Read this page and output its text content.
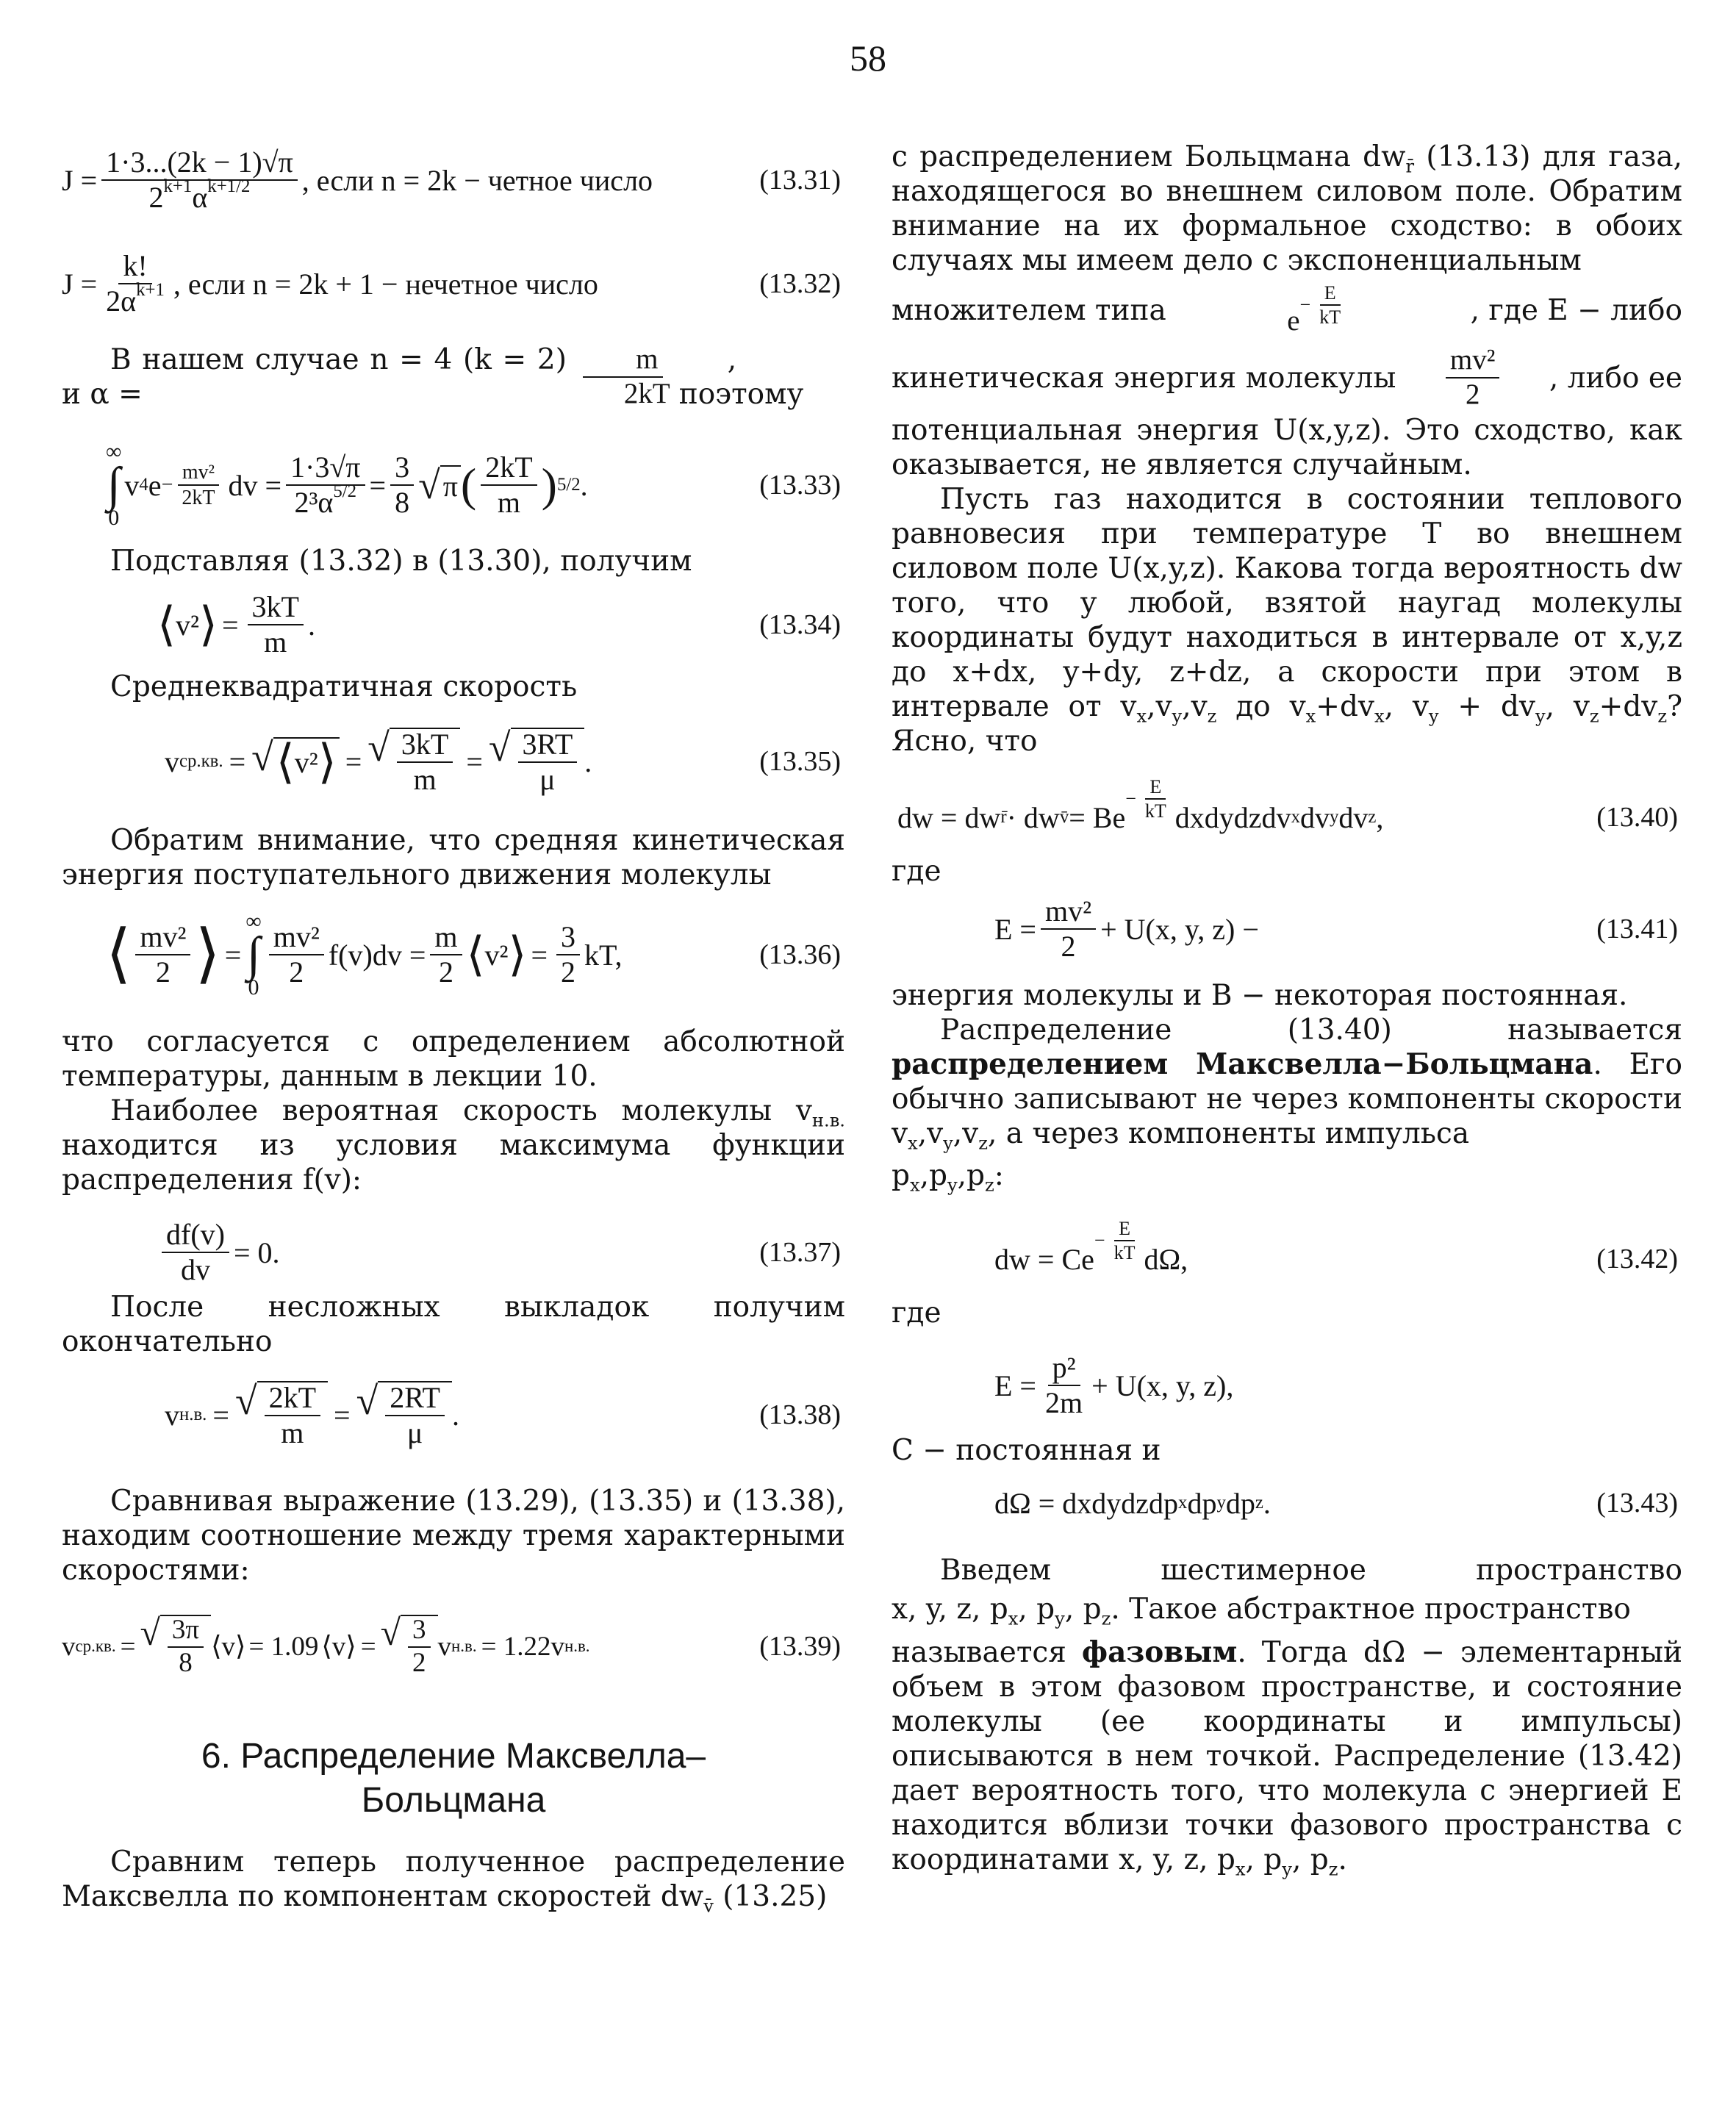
58
$J = \frac{1\cdot 3...(2k - 1)√\pi}{2^{k+1}\alpha^{k+1/2}}$ , если n = 2k − четное число	(13.31)
$J = \frac{k!}{2\alpha^{k+1}}$ , если n = 2k + 1 − нечетное число	(13.32)

В нашем случае n = 4 (k = 2) и α =	$\frac{m}{2kT}$	, поэтому

∞
∫
0
v 4 $e - \frac{\text{mv²}}{2kT}$ dv = $\frac{1\cdot 3√\pi}{2^3\alpha^{5/2}} = \frac{3}{8}$ √ π ( $\frac{2kT}{m}$ ) 5/2 .	(13.33)

Подставляя (13.32) в (13.30), получим

⟨ v² ⟩ = $\frac{3kT}{m}$ .	(13.34)

Среднеквадратичная скорость

v ср.кв. = √ ⟨ v² ⟩ = √ $\frac{3kT}{m}$ = √ $\frac{3RT}{\mu}$ .	(13.35)

Обратим внимание, что средняя кинетическая энергия поступательного движения молекулы

⟨ $\frac{\text{mv²}}{2}$ ⟩ =
∞
∫
$0 \frac{\text{mv²}}{2} f(v)dv = \frac{m}{2}$ ⟨ v² ⟩ = $\frac{3}{2}$ kT,	(13.36)

что согласуется с определением абсолютной температуры, данным в лекции 10.

Наиболее вероятная скорость молекулы $v_{н.в.}$ находится из условия максимума функции распределения f(v):

$\frac{df(v)}{dv} = 0$.	(13.37)

После несложных выкладок получим окончательно

v н.в. = √ $\frac{2kT}{m}$ = √ $\frac{2RT}{\mu}$ .	(13.38)

Сравнивая выражение (13.29), (13.35) и (13.38), находим соотношение между тремя характерными скоростями:

v ср.кв. = √ $\frac{3\pi}{8}$ ⟨ v ⟩ = 1.09 ⟨ v ⟩ = √ $\frac{3}{2}$ v н.в. = 1.22v н.в.	(13.39)
6. Распределение Максвелла–
Больцмана

Сравним теперь полученное распределение Максвелла по компонентам скоростей $dw_{v̄}$ (13.25)

с распределением Больцмана $dw_{r̄}$ (13.13) для газа, находящегося во внешнем силовом поле. Обратим внимание на их формальное сходство: в обоих случаях мы имеем дело с экспоненциальным

множителем типа	$e - \frac{E}{kT}$	, где E − либо

кинетическая энергия молекулы $\frac{\text{mv²}}{2}$ , либо ее

потенциальная энергия U(x,y,z). Это сходство, как оказывается, не является случайным.

Пусть газ находится в состоянии теплового равновесия при температуре T во внешнем силовом поле U(x,y,z). Какова тогда вероятность dw того, что у любой, взятой наугад молекулы координаты будут находиться в интервале от x,y,z до x+dx, y+dy, z+dz, а скорости при этом в интервале от $v_x,v_y,v_z$ до $v_x+dv_x$, $v_y + dv_y$, $v_z+dv_z$? Ясно, что

dw = dw r̄ · dw v̄ = Be
− $\frac{E}{kT}$ dxdydzdv x dv y dv z ,	(13.40)

где

$E = \frac{\text{mv²}}{2} + U(x$, y, z) −	(13.41)

энергия молекулы и B − некоторая постоянная.

Распределение (13.40) называется распределением Максвелла−Больцмана. Его обычно записывают не через компоненты скорости $v_x,v_y,v_z$, а через компоненты импульса

$p_x,p_y,p_z$:

dw = Ce
− $\frac{E}{kT} d\Omega$,	(13.42)

где

$E = \frac{\text{p²}}{2m} + U(x$, y, z),

C − постоянная и

dΩ = dxdydzdp x dp y dp z .	(13.43)

Введем шестимерное пространство

x, y, z, $p_x$, $p_y$, $p_z$. Такое абстрактное пространство

называется фазовым. Тогда dΩ − элементарный объем в этом фазовом пространстве, и состояние молекулы (ее координаты и импульсы) описываются в нем точкой. Распределение (13.42) дает вероятность того, что молекула с энергией E находится вблизи точки фазового пространства с координатами x, y, z, $p_x$, $p_y$, $p_z$.
